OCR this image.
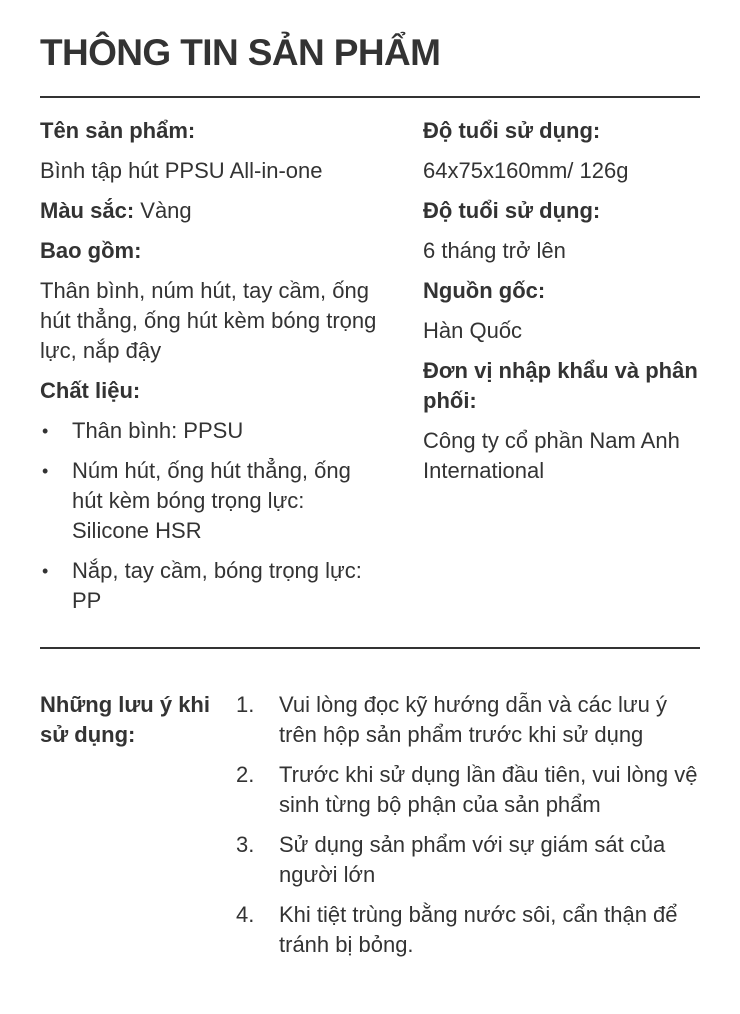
THÔNG TIN SẢN PHẨM
Tên sản phẩm:
Bình tập hút PPSU All-in-one
Màu sắc: Vàng
Bao gồm:
Thân bình, núm hút, tay cầm, ống hút thẳng, ống hút kèm bóng trọng lực, nắp đậy
Chất liệu:
• Thân bình: PPSU
• Núm hút, ống hút thẳng, ống hút kèm bóng trọng lực: Silicone HSR
• Nắp, tay cầm, bóng trọng lực: PP
Độ tuổi sử dụng:
64x75x160mm/ 126g
Độ tuổi sử dụng:
6 tháng trở lên
Nguồn gốc:
Hàn Quốc
Đơn vị nhập khẩu và phân phối:
Công ty cổ phần Nam Anh International
Những lưu ý khi sử dụng:
1. Vui lòng đọc kỹ hướng dẫn và các lưu ý trên hộp sản phẩm trước khi sử dụng
2. Trước khi sử dụng lần đầu tiên, vui lòng vệ sinh từng bộ phận của sản phẩm
3. Sử dụng sản phẩm với sự giám sát của người lớn
4. Khi tiệt trùng bằng nước sôi, cẩn thận để tránh bị bỏng.
